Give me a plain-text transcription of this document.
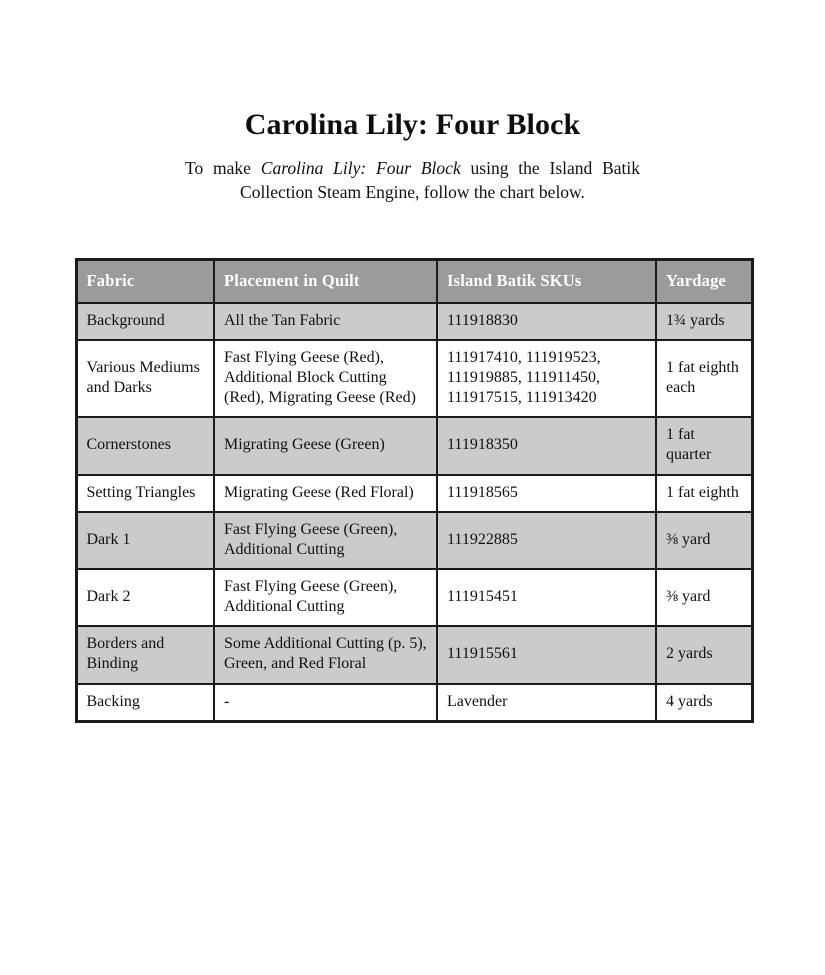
Carolina Lily: Four Block

To make Carolina Lily: Four Block using the Island Batik Collection Steam Engine, follow the chart below.

Fabric	Placement in Quilt	Island Batik SKUs	Yardage
Background	All the Tan Fabric	111918830	1¾ yards
Various Mediums and Darks	Fast Flying Geese (Red), Additional Block Cutting (Red), Migrating Geese (Red)	111917410, 111919523, 111919885, 111911450, 111917515, 111913420	1 fat eighth each
Cornerstones	Migrating Geese (Green)	111918350	1 fat quarter
Setting Triangles	Migrating Geese (Red Floral)	111918565	1 fat eighth
Dark 1	Fast Flying Geese (Green), Additional Cutting	111922885	⅜ yard
Dark 2	Fast Flying Geese (Green), Additional Cutting	111915451	⅜ yard
Borders and Binding	Some Additional Cutting (p. 5), Green, and Red Floral	111915561	2 yards
Backing	-	Lavender	4 yards
